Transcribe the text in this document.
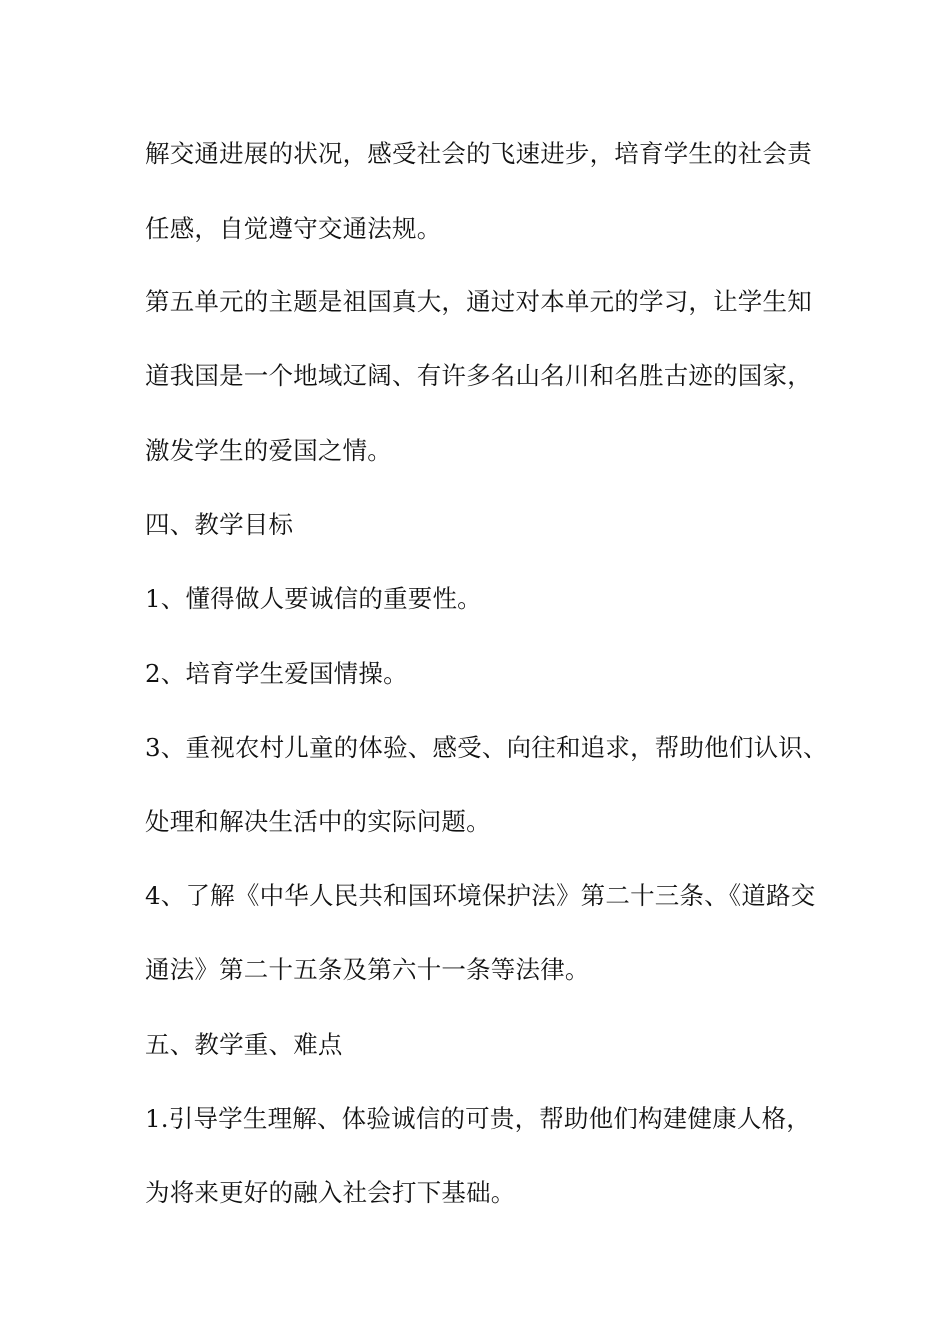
解交通进展的状况，感受社会的飞速进步，培育学生的社会责
任感，自觉遵守交通法规。
第五单元的主题是祖国真大，通过对本单元的学习，让学生知
道我国是一个地域辽阔、有许多名山名川和名胜古迹的国家，
激发学生的爱国之情。
四、教学目标
1、懂得做人要诚信的重要性。
2、培育学生爱国情操。
3、重视农村儿童的体验、感受、向往和追求，帮助他们认识、
处理和解决生活中的实际问题。
4、了解《中华人民共和国环境保护法》第二十三条、《道路交
通法》第二十五条及第六十一条等法律。
五、教学重、难点
1.引导学生理解、体验诚信的可贵，帮助他们构建健康人格，
为将来更好的融入社会打下基础。
